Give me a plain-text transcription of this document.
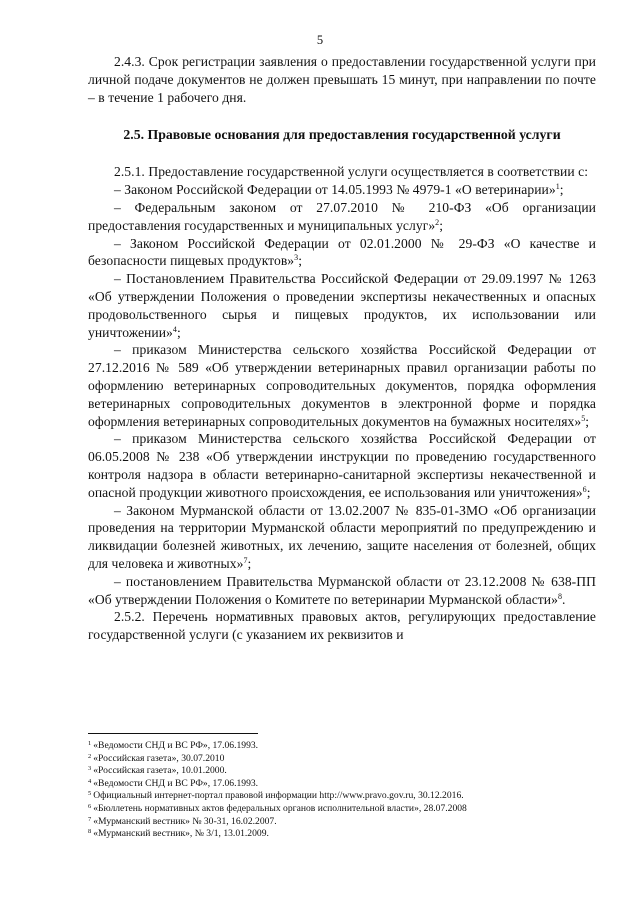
5

2.4.3. Срок регистрации заявления о предоставлении государственной услуги при личной подаче документов не должен превышать 15 минут, при направлении по почте – в течение 1 рабочего дня.

2.5. Правовые основания для предоставления государственной услуги

2.5.1. Предоставление государственной услуги осуществляется в соответствии с:

– Законом Российской Федерации от 14.05.1993 № 4979-1 «О ветеринарии»$^1$;

– Федеральным законом от 27.07.2010 № 210-ФЗ «Об организации предоставления государственных и муниципальных услуг»$^2$;

– Законом Российской Федерации от 02.01.2000 № 29-ФЗ «О качестве и безопасности пищевых продуктов»$^3$;

– Постановлением Правительства Российской Федерации от 29.09.1997 № 1263 «Об утверждении Положения о проведении экспертизы некачественных и опасных продовольственного сырья и пищевых продуктов, их использовании или уничтожении»$^4$;

– приказом Министерства сельского хозяйства Российской Федерации от 27.12.2016 № 589 «Об утверждении ветеринарных правил организации работы по оформлению ветеринарных сопроводительных документов, порядка оформления ветеринарных сопроводительных документов в электронной форме и порядка оформления ветеринарных сопроводительных документов на бумажных носителях»$^5$;

– приказом Министерства сельского хозяйства Российской Федерации от 06.05.2008 № 238 «Об утверждении инструкции по проведению государственного контроля надзора в области ветеринарно-санитарной экспертизы некачественной и опасной продукции животного происхождения, ее использования или уничтожения»$^6$;

– Законом Мурманской области от 13.02.2007 № 835-01-ЗМО «Об организации проведения на территории Мурманской области мероприятий по предупреждению и ликвидации болезней животных, их лечению, защите населения от болезней, общих для человека и животных»$^7$;

– постановлением Правительства Мурманской области от 23.12.2008 № 638-ПП «Об утверждении Положения о Комитете по ветеринарии Мурманской области»$^8$.

2.5.2. Перечень нормативных правовых актов, регулирующих предоставление государственной услуги (с указанием их реквизитов и

$^1$ «Ведомости СНД и ВС РФ», 17.06.1993.

$^2$ «Российская газета», 30.07.2010

$^3$ «Российская газета», 10.01.2000.

$^4$ «Ведомости СНД и ВС РФ», 17.06.1993.

$^5$ Официальный интернет-портал правовой информации http://www.pravo.gov.ru, 30.12.2016.

$^6$ «Бюллетень нормативных актов федеральных органов исполнительной власти», 28.07.2008

$^7$ «Мурманский вестник» № 30-31, 16.02.2007.

$^8$ «Мурманский вестник», № 3/1, 13.01.2009.
